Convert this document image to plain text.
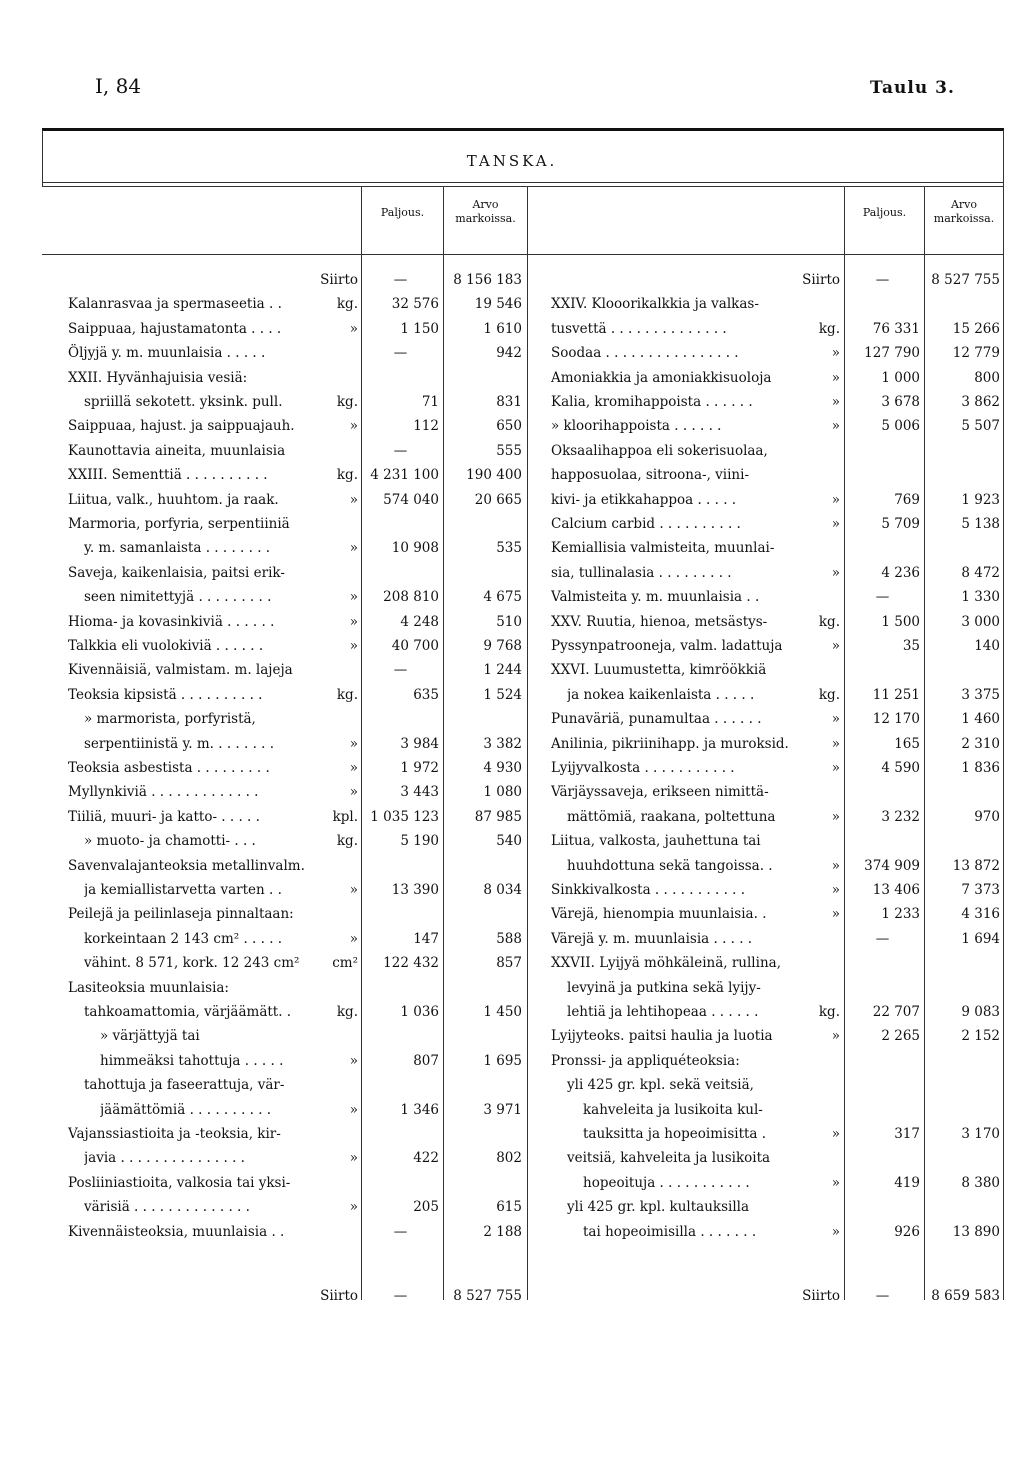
I, 84	Taulu 3.
TANSKA.
Paljous.
Arvo markoissa.	Paljous.
Arvo markoissa.
Siirto	—	8 156 183
Kalanrasvaa ja spermaseetia . .	kg.	32 576	19 546
Saippuaa, hajustamatonta . . . .	»	1 150	1 610
Öljyjä y. m. muunlaisia . . . . .	—	942
XXII. Hyvänhajuisia vesiä:
spriillä sekotett. yksink. pull.	kg.	71	831
Saippuaa, hajust. ja saippuajauh.	»	112	650
Kaunottavia aineita, muunlaisia	—	555
XXIII. Sementtiä . . . . . . . . . .	kg. 4 231 100	190 400
Liitua, valk., huuhtom. ja raak.	»	574 040	20 665
Marmoria, porfyria, serpentiiniä
y. m. samanlaista . . . . . . . .	»	10 908	535
Saveja, kaikenlaisia, paitsi erik-
seen nimitettyjä . . . . . . . . .	»	208 810	4 675
Hioma- ja kovasinkiviä . . . . . .	»	4 248	510
Talkkia eli vuolokiviä . . . . . .	»	40 700	9 768
Kivennäisiä, valmistam. m. lajeja	—	1 244
Teoksia kipsistä . . . . . . . . . .	kg.	635	1 524
» marmorista, porfyristä,
serpentiinistä y. m. . . . . . . .	»	3 984	3 382
Teoksia asbestista . . . . . . . . .	»	1 972	4 930
Myllynkiviä . . . . . . . . . . . . .	»	3 443	1 080
Tiiliä, muuri- ja katto- . . . . .	kpl. 1 035 123	87 985
» muoto- ja chamotti- . . .	kg.	5 190	540
Savenvalajanteoksia metallinvalm.
ja kemiallistarvetta varten . .	»	13 390	8 034
Peilejä ja peilinlaseja pinnaltaan:
korkeintaan 2 143 cm² . . . . .	»	147	588
vähint. 8 571, kork. 12 243 cm²	cm²	122 432	857
Lasiteoksia muunlaisia:
tahkoamattomia, värjäämätt. .	kg.	1 036	1 450
» värjättyjä tai
himmeäksi tahottuja . . . . .	»	807	1 695
tahottuja ja faseerattuja, vär-
jäämättömiä . . . . . . . . . .	»	1 346	3 971
Vajanssiastioita ja -teoksia, kir-
javia . . . . . . . . . . . . . . .	»	422	802
Posliiniastioita, valkosia tai yksi-
värisiä . . . . . . . . . . . . . .	»	205	615
Kivennäisteoksia, muunlaisia . .	—	2 188
Siirto	—	8 527 755
Siirto	—	8 527 755
XXIV. Klooorikalkkia ja valkas-
tusvettä . . . . . . . . . . . . . .	kg.	76 331	15 266
Soodaa . . . . . . . . . . . . . . . .	»	127 790	12 779
Amoniakkia ja amoniakkisuoloja	»	1 000	800
Kalia, kromihappoista . . . . . .	»	3 678	3 862
» kloorihappoista . . . . . .	»	5 006	5 507
Oksaalihappoa eli sokerisuolaa,
happosuolaa, sitroona-, viini-
kivi- ja etikkahappoa . . . . .	»	769	1 923
Calcium carbid . . . . . . . . . .	»	5 709	5 138
Kemiallisia valmisteita, muunlai-
sia, tullinalasia . . . . . . . . .	»	4 236	8 472
Valmisteita y. m. muunlaisia . .	—	1 330
XXV. Ruutia, hienoa, metsästys-	kg.	1 500	3 000
Pyssynpatrooneja, valm. ladattuja	»	35	140
XXVI. Luumustetta, kimröökkiä
ja nokea kaikenlaista . . . . .	kg.	11 251	3 375
Punaväriä, punamultaa . . . . . .	»	12 170	1 460
Anilinia, pikriinihapp. ja muroksid.	»	165	2 310
Lyijyvalkosta . . . . . . . . . . .	»	4 590	1 836
Värjäyssaveja, erikseen nimittä-
mättömiä, raakana, poltettuna	»	3 232	970
Liitua, valkosta, jauhettuna tai
huuhdottuna sekä tangoissa. .	»	374 909	13 872
Sinkkivalkosta . . . . . . . . . . .	»	13 406	7 373
Värejä, hienompia muunlaisia. .	»	1 233	4 316
Värejä y. m. muunlaisia . . . . .	—	1 694
XXVII. Lyijyä möhkäleinä, rullina,
levyinä ja putkina sekä lyijy-
lehtiä ja lehtihopeaa . . . . . .	kg.	22 707	9 083
Lyijyteoks. paitsi haulia ja luotia	»	2 265	2 152
Pronssi- ja appliquéteoksia:
yli 425 gr. kpl. sekä veitsiä,
kahveleita ja lusikoita kul-
tauksitta ja hopeoimisitta .	»	317	3 170
veitsiä, kahveleita ja lusikoita
hopeoituja . . . . . . . . . . .	»	419	8 380
yli 425 gr. kpl. kultauksilla
tai hopeoimisilla . . . . . . .	»	926	13 890
Siirto	—	8 659 583
